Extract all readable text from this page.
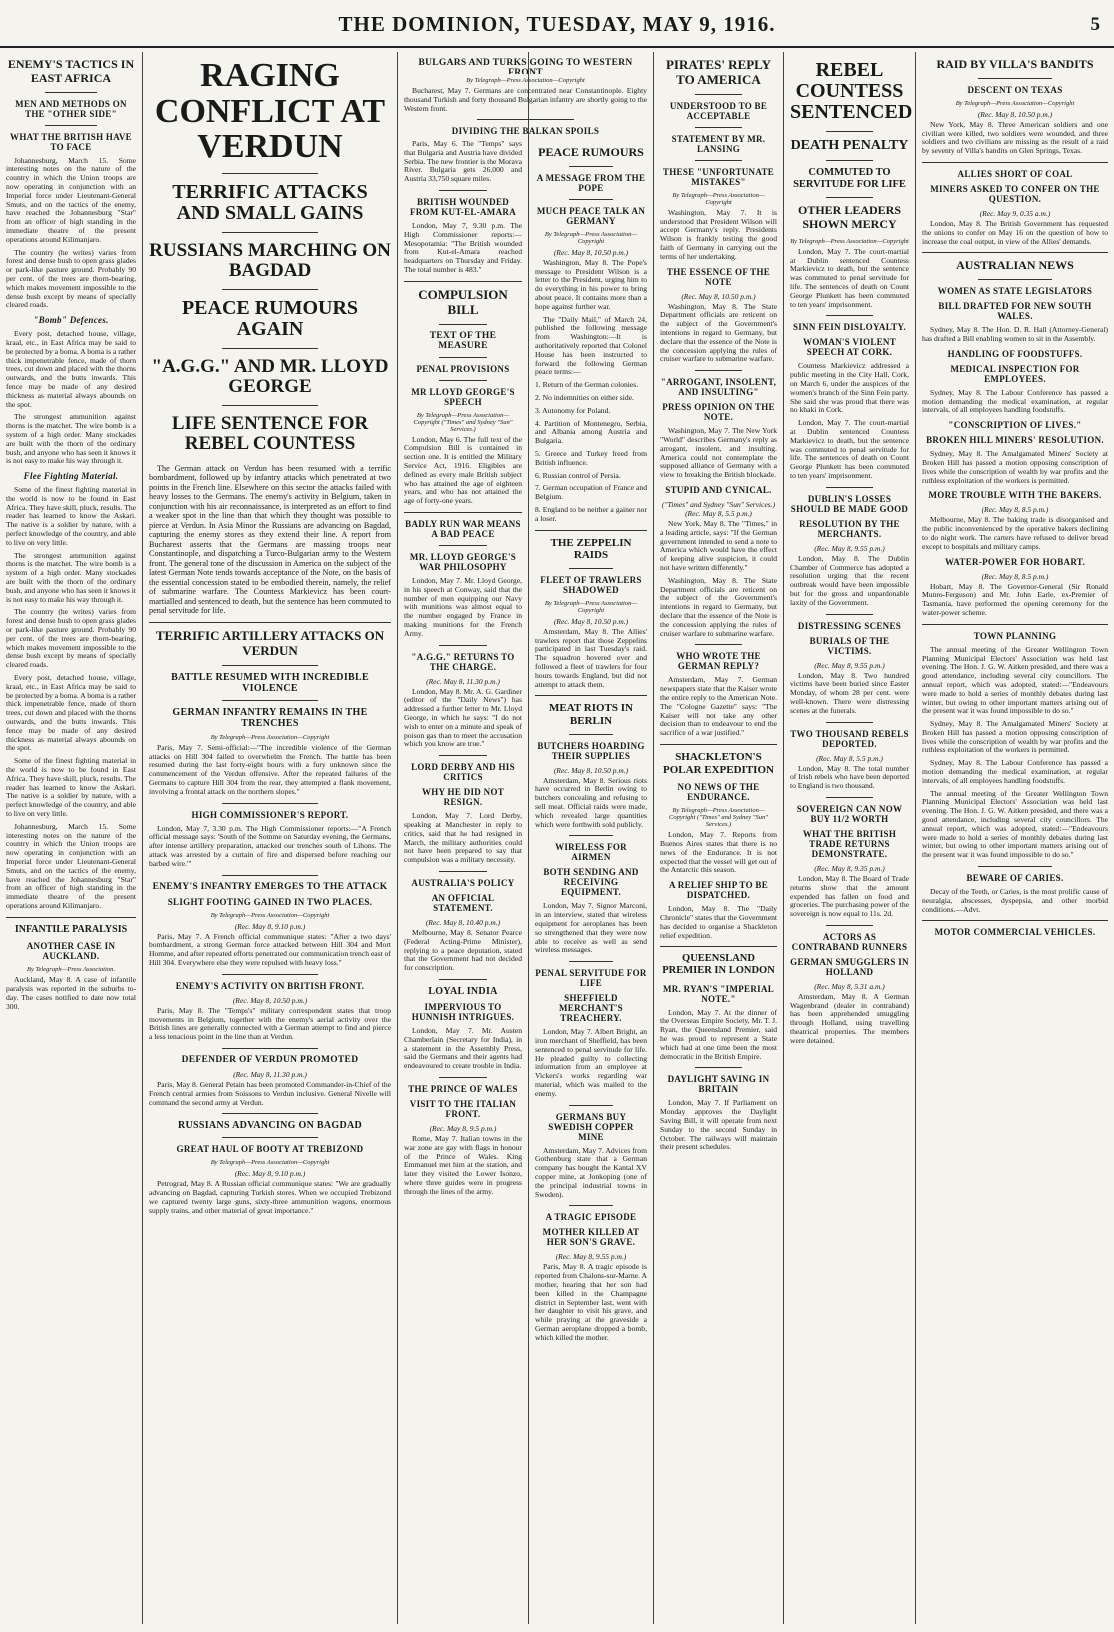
THE DOMINION, TUESDAY, MAY 9, 1916.	5
ENEMY'S TACTICS IN EAST AFRICA
MEN AND METHODS ON THE "OTHER SIDE"
WHAT THE BRITISH HAVE TO FACE

Johannesburg, March 15. Some interesting notes on the nature of the country in which the Union troops are now operating in conjunction with an Imperial force under Lieutenant-General Smuts, and on the tactics of the enemy, have reached the Johannesburg "Star" from an officer of high standing in the immediate theatre of the present operations around Kilimanjaro.

The country (he writes) varies from forest and dense bush to open grass glades or park-like pasture ground. Probably 90 per cent. of the trees are thorn-bearing, which makes movement impossible to the dense bush except by means of specially cleared roads.

"Bomb" Defences.

Every post, detached house, village, kraal, etc., in East Africa may be said to be protected by a boma. A boma is a rather thick impenetrable fence, made of thorn trees, cut down and placed with the thorns outwards, and the butts inwards. This fence may be made of any desired thickness as material always abounds on the spot.

The strongest ammunition against thorns is the matchet. The wire bomb is a system of a high order. Many stockades are built with the thorn of the ordinary bush, and anyone who has seen it knows it is not easy to make his way through it.

Flee Fighting Material.

Some of the finest fighting material in the world is now to be found in East Africa. They have skill, pluck, results. The reader has learned to know the Askari. The native is a soldier by nature, with a perfect knowledge of the country, and able to live on very little.

The strongest ammunition against thorns is the matchet. The wire bomb is a system of a high order. Many stockades are built with the thorn of the ordinary bush, and anyone who has seen it knows it is not easy to make his way through it.

The country (he writes) varies from forest and dense bush to open grass glades or park-like pasture ground. Probably 90 per cent. of the trees are thorn-bearing, which makes movement impossible to the dense bush except by means of specially cleared roads.

Every post, detached house, village, kraal, etc., in East Africa may be said to be protected by a boma. A boma is a rather thick impenetrable fence, made of thorn trees, cut down and placed with the thorns outwards, and the butts inwards. This fence may be made of any desired thickness as material always abounds on the spot.

Some of the finest fighting material in the world is now to be found in East Africa. They have skill, pluck, results. The reader has learned to know the Askari. The native is a soldier by nature, with a perfect knowledge of the country, and able to live on very little.

Johannesburg, March 15. Some interesting notes on the nature of the country in which the Union troops are now operating in conjunction with an Imperial force under Lieutenant-General Smuts, and on the tactics of the enemy, have reached the Johannesburg "Star" from an officer of high standing in the immediate theatre of the present operations around Kilimanjaro.

INFANTILE PARALYSIS
ANOTHER CASE IN AUCKLAND.
By Telegraph—Press Association.

Auckland, May 8. A case of infantile paralysis was reported in the suburbs to-day. The cases notified to date now total 300.

RAGING CONFLICT AT VERDUN
TERRIFIC ATTACKS AND SMALL GAINS
RUSSIANS MARCHING ON BAGDAD
PEACE RUMOURS AGAIN
"A.G.G." AND MR. LLOYD GEORGE
LIFE SENTENCE FOR REBEL COUNTESS

The German attack on Verdun has been resumed with a terrific bombardment, followed up by infantry attacks which penetrated at two points in the French line. Elsewhere on this sector the attacks failed with heavy losses to the Germans. The enemy's activity in Belgium, taken in conjunction with his air reconnaissance, is interpreted as an effort to find a weaker spot in the line than that which they thought was possible to pierce at Verdun. In Asia Minor the Russians are advancing on Bagdad, capturing the enemy stores as they extend their line. A report from Bucharest asserts that the Germans are massing troops near Constantinople, and dispatching a Turco-Bulgarian army to the Western front. The general tone of the discussion in America on the subject of the latest German Note tends towards acceptance of the Note, on the basis of the essential concession stated to be embodied therein, namely, the relief of submarine warfare. The Countess Markievicz has been court-martialled and sentenced to death, but the sentence has been commuted to penal servitude for life.

TERRIFIC ARTILLERY ATTACKS ON VERDUN
BATTLE RESUMED WITH INCREDIBLE VIOLENCE
GERMAN INFANTRY REMAINS IN THE TRENCHES
By Telegraph—Press Association—Copyright

Paris, May 7. Semi-official:—"The incredible violence of the German attacks on Hill 304 failed to overwhelm the French. The battle has been resumed during the last forty-eight hours with a fury unknown since the commencement of the Verdun offensive. After the repeated failures of the Germans to capture Hill 304 from the rear, they attempted a flank movement, involving a frontal attack on the northern slopes."

HIGH COMMISSIONER'S REPORT.

London, May 7, 3.30 p.m. The High Commissioner reports:—"A French official message says: 'South of the Somme on Saturday evening, the Germans, after intense artillery preparation, attacked our trenches south of Lihons. The attack was arrested by a curtain of fire and dispersed before reaching our barbed wire.'"

ENEMY'S INFANTRY EMERGES TO THE ATTACK
SLIGHT FOOTING GAINED IN TWO PLACES.
By Telegraph—Press Association—Copyright
(Rec. May 8, 9.10 p.m.)

Paris, May 7. A French official communique states: "After a two days' bombardment, a strong German force attacked between Hill 304 and Mort Homme, and after repeated efforts penetrated our communication trench east of Hill 304. Everywhere else they were repulsed with heavy loss."

ENEMY'S ACTIVITY ON BRITISH FRONT.
(Rec. May 8, 10.50 p.m.)

Paris, May 8. The "Temps's" military correspondent states that troop movements in Belgium, together with the enemy's aerial activity over the British lines are generally connected with a German attempt to find and pierce a less tenacious point in the line than at Verdun.

DEFENDER OF VERDUN PROMOTED
(Rec. May 8, 11.30 p.m.)

Paris, May 8. General Petain has been promoted Commander-in-Chief of the French central armies from Soissons to Verdun inclusive. General Nivelle will command the second army at Verdun.

RUSSIANS ADVANCING ON BAGDAD
GREAT HAUL OF BOOTY AT TREBIZOND
By Telegraph—Press Association—Copyright
(Rec. May 8, 9.10 p.m.)

Petrograd, May 8. A Russian official communique states: "We are gradually advancing on Bagdad, capturing Turkish stores. When we occupied Trebizond we captured twenty large guns, sixty-three ammunition wagons, enormous supply trains, and other material of great importance."

BULGARS AND TURKS GOING TO WESTERN FRONT
By Telegraph—Press Association—Copyright

Bucharest, May 7. Germans are concentrated near Constantinople. Eighty thousand Turkish and forty thousand Bulgarian infantry are shortly going to the Western front.

DIVIDING THE BALKAN SPOILS

Paris, May 6. The "Temps" says that Bulgaria and Austria have divided Serbia. The new frontier is the Morava River. Bulgaria gets 26,000 and Austria 33,750 square miles.

BRITISH WOUNDED FROM KUT-EL-AMARA

London, May 7, 9.30 p.m. The High Commissioner reports:—Mesopotamia: "The British wounded from Kut-el-Amara reached headquarters on Thursday and Friday. The total number is 483."

COMPULSION BILL
TEXT OF THE MEASURE
PENAL PROVISIONS
MR LLOYD GEORGE'S SPEECH
By Telegraph—Press Association—Copyright ("Times" and Sydney "Sun" Services.)

London, May 6. The full text of the Compulsion Bill is contained in section one. It is entitled the Military Service Act, 1916. Eligibles are defined as every male British subject who has attained the age of eighteen years, and who has not attained the age of forty-one years.

BADLY RUN WAR MEANS A BAD PEACE
MR. LLOYD GEORGE'S WAR PHILOSOPHY

London, May 7. Mr. Lloyd George, in his speech at Conway, said that the number of men equipping our Navy with munitions was almost equal to the number engaged by France in making munitions for the French Army.

"A.G.G." RETURNS TO THE CHARGE.
(Rec. May 8, 11.30 p.m.)

London, May 8. Mr. A. G. Gardiner (editor of the "Daily News") has addressed a further letter to Mr. Lloyd George, in which he says: "I do not wish to enter on a minute and speak of poison gas than to meet the accusation which you know are true."

LORD DERBY AND HIS CRITICS
WHY HE DID NOT RESIGN.

London, May 7. Lord Derby, speaking at Manchester in reply to critics, said that he had resigned in March, the military authorities could not have been prepared to say that compulsion was a military necessity.

AUSTRALIA'S POLICY
AN OFFICIAL STATEMENT.
(Rec. May 8, 10.40 p.m.)

Melbourne, May 8. Senator Pearce (Federal Acting-Prime Minister), replying to a peace deputation, stated that the Government had not decided for conscription.

LOYAL INDIA
IMPERVIOUS TO HUNNISH INTRIGUES.

London, May 7. Mr. Austen Chamberlain (Secretary for India), in a statement in the Assembly Press, said the Germans and their agents had endeavoured to create trouble in India.

THE PRINCE OF WALES
VISIT TO THE ITALIAN FRONT.
(Rec. May 8, 9.5 p.m.)

Rome, May 7. Italian towns in the war zone are gay with flags in honour of the Prince of Wales. King Emmanuel met him at the station, and later they visited the Lower Isonzo, where three guides were in progress through the lines of the army.

PEACE RUMOURS
A MESSAGE FROM THE POPE
MUCH PEACE TALK AN GERMANY
By Telegraph—Press Association—Copyright
(Rec. May 8, 10.50 p.m.)

Washington, May 8. The Pope's message to President Wilson is a letter to the President, urging him to do everything in his power to bring about peace. It contains more than a hope against further war.

The "Daily Mail," of March 24, published the following message from Washington:—It is authoritatively reported that Colonel House has been instructed to forward the following German peace terms:—

1. Return of the German colonies.

2. No indemnities on either side.

3. Autonomy for Poland.

4. Partition of Montenegro, Serbia, and Albania among Austria and Bulgaria.

5. Greece and Turkey freed from British influence.

6. Russian control of Persia.

7. German occupation of France and Belgium.

8. England to be neither a gainer nor a loser.

THE ZEPPELIN RAIDS
FLEET OF TRAWLERS SHADOWED
By Telegraph—Press Association—Copyright
(Rec. May 8, 10.50 p.m.)

Amsterdam, May 8. The Allies' trawlers report that those Zeppelins participated in last Tuesday's raid. The squadron hovered over and followed a fleet of trawlers for four hours towards England, but did not attempt to attack them.

MEAT RIOTS IN BERLIN
BUTCHERS HOARDING THEIR SUPPLIES
(Rec. May 8, 10.50 p.m.)

Amsterdam, May 8. Serious riots have occurred in Berlin owing to butchers concealing and refusing to sell meat. Official raids were made, which revealed large quantities which were forthwith sold publicly.

WIRELESS FOR AIRMEN
BOTH SENDING AND RECEIVING EQUIPMENT.

London, May 7. Signor Marconi, in an interview, stated that wireless equipment for aeroplanes has been so strengthened that they were now able to receive as well as send wireless messages.

PENAL SERVITUDE FOR LIFE
SHEFFIELD MERCHANT'S TREACHERY.

London, May 7. Albert Bright, an iron merchant of Sheffield, has been sentenced to penal servitude for life. He pleaded guilty to collecting information from an employee at Vickers's works regarding war material, which was mailed to the enemy.

GERMANS BUY SWEDISH COPPER MINE

Amsterdam, May 7. Advices from Gothenburg state that a German company has bought the Kantal XV copper mine, at Jonkoping (one of the principal industrial towns in Sweden).

A TRAGIC EPISODE
MOTHER KILLED AT HER SON'S GRAVE.
(Rec. May 8, 9.55 p.m.)

Paris, May 8. A tragic episode is reported from Chalons-sur-Marne. A mother, hearing that her son had been killed in the Champagne district in September last, went with her daughter to visit his grave, and while praying at the graveside a German aeroplane dropped a bomb, which killed the mother.

PIRATES' REPLY TO AMERICA
UNDERSTOOD TO BE ACCEPTABLE
STATEMENT BY MR. LANSING
THESE "UNFORTUNATE MISTAKES"
By Telegraph—Press Association—Copyright

Washington, May 7. It is understood that President Wilson will accept Germany's reply. Presidents Wilson is frankly testing the good faith of Germany in carrying out the terms of her undertaking.

THE ESSENCE OF THE NOTE
(Rec. May 8, 10.50 p.m.)

Washington, May 8. The State Department officials are reticent on the subject of the Government's intentions in regard to Germany, but declare that the essence of the Note is the concession applying the rules of cruiser warfare to submarine warfare.

"ARROGANT, INSOLENT, AND INSULTING"
PRESS OPINION ON THE NOTE.

Washington, May 7. The New York "World" describes Germany's reply as arrogant, insolent, and insulting. America could not contemplate the supposed alliance of Germany with a view to breaking the British blockade.

STUPID AND CYNICAL.
("Times" and Sydney "Sun" Services.) (Rec. May 8, 5.5 p.m.)

New York, May 8. The "Times," in a leading article, says: "If the German government intended to send a note to America which would have the effect of keeping alive suspicion, it could not have written differently."

Washington, May 8. The State Department officials are reticent on the subject of the Government's intentions in regard to Germany, but declare that the essence of the Note is the concession applying the rules of cruiser warfare to submarine warfare.

WHO WROTE THE GERMAN REPLY?

Amsterdam, May 7. German newspapers state that the Kaiser wrote the entire reply to the American Note. The "Cologne Gazette" says: "The Kaiser will not take any other decision than to endeavour to end the sacrifice of a war justified."

SHACKLETON'S POLAR EXPEDITION
NO NEWS OF THE ENDURANCE.
By Telegraph—Press Association—Copyright ("Times" and Sydney "Sun" Services.)

London, May 7. Reports from Buenos Aires states that there is no news of the Endurance. It is not expected that the vessel will get out of the Antarctic this season.

A RELIEF SHIP TO BE DISPATCHED.

London, May 8. The "Daily Chronicle" states that the Government has decided to organise a Shackleton relief expedition.

QUEENSLAND PREMIER IN LONDON
MR. RYAN'S "IMPERIAL NOTE."

London, May 7. At the dinner of the Overseas Empire Society, Mr. T. J. Ryan, the Queensland Premier, said he was proud to represent a State which had at one time been the most democratic in the British Empire.

DAYLIGHT SAVING IN BRITAIN

London, May 7. If Parliament on Monday approves the Daylight Saving Bill, it will operate from next Sunday to the second Sunday in October. The railways will maintain their present schedules.

REBEL COUNTESS SENTENCED
DEATH PENALTY
COMMUTED TO SERVITUDE FOR LIFE
OTHER LEADERS SHOWN MERCY
By Telegraph—Press Association—Copyright

London, May 7. The court-martial at Dublin sentenced Countess Markievicz to death, but the sentence was commuted to penal servitude for life. The sentences of death on Count George Plunkett has been commuted to ten years' imprisonment.

SINN FEIN DISLOYALTY.
WOMAN'S VIOLENT SPEECH AT CORK.

Countess Markievicz addressed a public meeting in the City Hall, Cork, on March 6, under the auspices of the women's branch of the Sinn Fein party. She said she was proud that there was no khaki in Cork.

London, May 7. The court-martial at Dublin sentenced Countess Markievicz to death, but the sentence was commuted to penal servitude for life. The sentences of death on Count George Plunkett has been commuted to ten years' imprisonment.

DUBLIN'S LOSSES SHOULD BE MADE GOOD
RESOLUTION BY THE MERCHANTS.
(Rec. May 8, 9.55 p.m.)

London, May 8. The Dublin Chamber of Commerce has adopted a resolution urging that the recent outbreak would have been impossible but for the gross and unpardonable laxity of the Government.

DISTRESSING SCENES
BURIALS OF THE VICTIMS.
(Rec. May 8, 9.55 p.m.)

London, May 8. Two hundred victims have been buried since Easter Monday, of whom 28 per cent. were well-known. There were distressing scenes at the funerals.

TWO THOUSAND REBELS DEPORTED.
(Rec. May 8, 5.5 p.m.)

London, May 8. The total number of Irish rebels who have been deported to England is two thousand.

SOVEREIGN CAN NOW BUY 11/2 WORTH
WHAT THE BRITISH TRADE RETURNS DEMONSTRATE.
(Rec. May 8, 9.35 p.m.)

London, May 8. The Board of Trade returns show that the amount expended has fallen on food and groceries. The purchasing power of the sovereign is now equal to 11s. 2d.

ACTORS AS CONTRABAND RUNNERS
GERMAN SMUGGLERS IN HOLLAND
(Rec. May 8, 5.31 a.m.)

Amsterdam, May 8. A German Wagenbrand (dealer in contraband) has been apprehended smuggling through Holland, using travelling theatrical properties. The members were detained.

RAID BY VILLA'S BANDITS
DESCENT ON TEXAS
By Telegraph—Press Association—Copyright
(Rec. May 8, 10.50 p.m.)

New York, May 8. Three American soldiers and one civilian were killed, two soldiers were wounded, and three soldiers and two civilians are missing as the result of a raid by seventy of Villa's bandits on Glen Springs, Texas.

ALLIES SHORT OF COAL
MINERS ASKED TO CONFER ON THE QUESTION.
(Rec. May 9, 0.35 a.m.)

London, May 8. The British Government has requested the unions to confer on May 16 on the question of how to increase the coal output, in view of the Allies' demands.

AUSTRALIAN NEWS
WOMEN AS STATE LEGISLATORS
BILL DRAFTED FOR NEW SOUTH WALES.

Sydney, May 8. The Hon. D. R. Hall (Attorney-General) has drafted a Bill enabling women to sit in the Assembly.

HANDLING OF FOODSTUFFS.
MEDICAL INSPECTION FOR EMPLOYEES.

Sydney, May 8. The Labour Conference has passed a motion demanding the medical examination, at regular intervals, of all employees handling foodstuffs.

"CONSCRIPTION OF LIVES."
BROKEN HILL MINERS' RESOLUTION.

Sydney, May 8. The Amalgamated Miners' Society at Broken Hill has passed a motion opposing conscription of lives while the conscription of wealth by war profits and the ruthless exploitation of the workers is permitted.

MORE TROUBLE WITH THE BAKERS.
(Rec. May 8, 8.5 p.m.)

Melbourne, May 8. The baking trade is disorganised and the public inconvenienced by the operative bakers declining to do night work. The carters have refused to deliver bread except to hospitals and military camps.

WATER-POWER FOR HOBART.
(Rec. May 8, 8.5 p.m.)

Hobart, May 8. The Governor-General (Sir Ronald Munro-Ferguson) and Mr. John Earle, ex-Premier of Tasmania, have performed the opening ceremony for the water-power scheme.

TOWN PLANNING

The annual meeting of the Greater Wellington Town Planning Municipal Electors' Association was held last evening. The Hon. J. G. W. Aitken presided, and there was a good attendance, including several city councillors. The annual report, which was adopted, stated:—"Endeavours were made to hold a series of monthly debates during last winter, but owing to other important matters arising out of the present war it was found impossible to do so."

Sydney, May 8. The Amalgamated Miners' Society at Broken Hill has passed a motion opposing conscription of lives while the conscription of wealth by war profits and the ruthless exploitation of the workers is permitted.

Sydney, May 8. The Labour Conference has passed a motion demanding the medical examination, at regular intervals, of all employees handling foodstuffs.

The annual meeting of the Greater Wellington Town Planning Municipal Electors' Association was held last evening. The Hon. J. G. W. Aitken presided, and there was a good attendance, including several city councillors. The annual report, which was adopted, stated:—"Endeavours were made to hold a series of monthly debates during last winter, but owing to other important matters arising out of the present war it was found impossible to do so."

BEWARE OF CARIES.

Decay of the Teeth, or Caries, is the most prolific cause of neuralgia, abscesses, dyspepsia, and other morbid conditions.—Advt.

MOTOR COMMERCIAL VEHICLES.
